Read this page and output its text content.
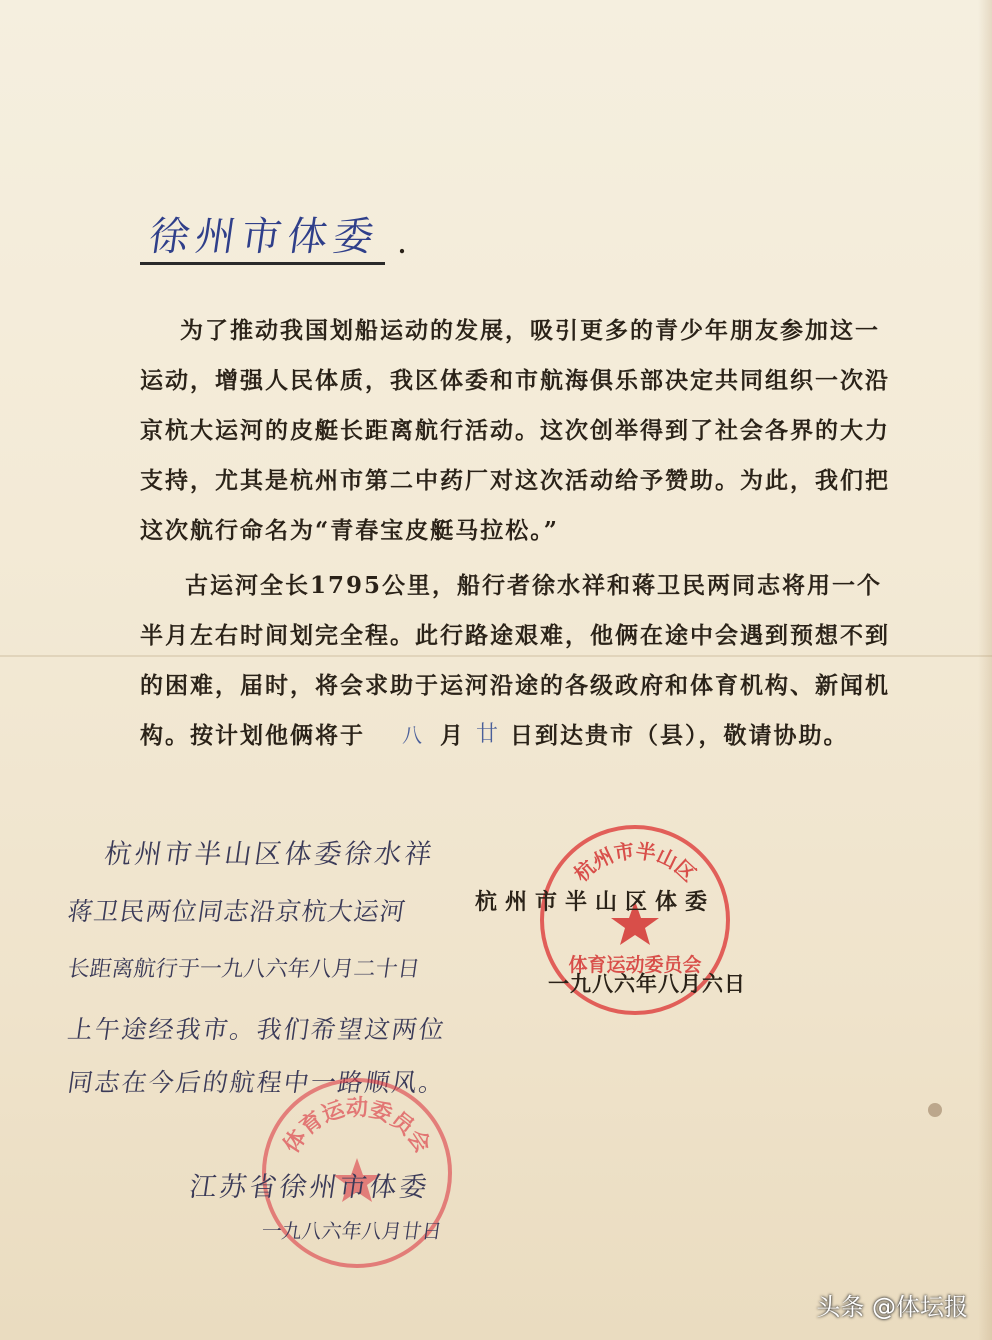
徐州市体委 .
为了推动我国划船运动的发展，吸引更多的青少年朋友参加这一
运动，增强人民体质，我区体委和市航海俱乐部决定共同组织一次沿
京杭大运河的皮艇长距离航行活动。这次创举得到了社会各界的大力
支持，尤其是杭州市第二中药厂对这次活动给予赞助。为此，我们把
这次航行命名为“青春宝皮艇马拉松。”
古运河全长1795公里，船行者徐水祥和蒋卫民两同志将用一个
半月左右时间划完全程。此行路途艰难，他俩在途中会遇到预想不到
的困难，届时，将会求助于运河沿途的各级政府和体育机构、新闻机
构。按计划他俩将于 八 月 廿 日到达贵市（县），敬请协助。
杭州市半山区
体育运动委员会
杭州市半山区体委
一九八六年八月六日
杭州市半山区体委徐水祥
蒋卫民两位同志沿京杭大运河
长距离航行于一九八六年八月二十日
上午途经我市。我们希望这两位
同志在今后的航程中一路顺风。
体育运动委员会
江苏省徐州市体委
一九八六年八月廿日
头条 @体坛报
